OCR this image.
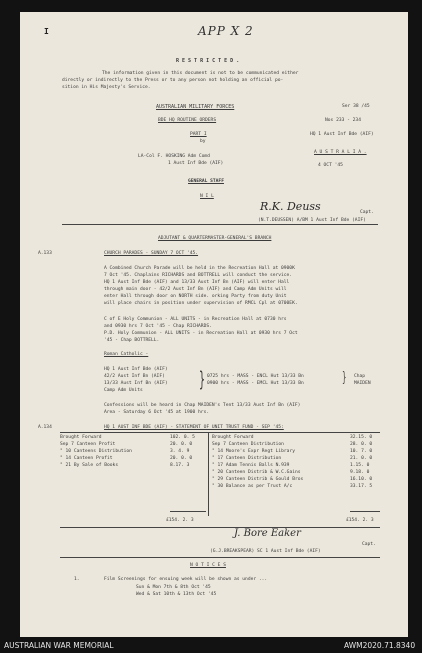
APP X 2
I
R E S T R I C T E D .
The information given in this document is not to be communicated either
directly or indirectly to the Press or to any person not holding an official po-
sition in His Majesty's Service.
AUSTRALIAN MILITARY FORCES	Ser 38 /45
BDE HQ ROUTINE ORDERS	Nos 233 - 234
PART I
by
HQ 1 Aust Inf Bde (AIF)
LA-Col F. HOSKING Adm Comd
1 Aust Inf Bde (AIF)
A U S T R A L I A .
4 OCT '45
GENERAL STAFF
N I L
R.K. Deuss	Capt.
(N.T.DEUSSEN) A/BM 1 Aust Inf Bde (AIF)
ADJUTANT & QUARTERMASTER-GENERAL'S BRANCH
A.133	CHURCH PARADES - SUNDAY 7 OCT '45.
A Combined Church Parade will be held in the Recreation Hall at 0900K
7 Oct '45. Chaplains RICHARDS and BOTTRELL will conduct the service.
HQ 1 Aust Inf Bde (AIF) and 13/33 Aust Inf Bn (AIF) will enter Hall
through main door - 42/2 Aust Inf Bn (AIF) and Camp Adm Units will
enter Hall through door on NORTH side. orking Party from duty Unit
will place chairs in position under supervision of RMCL Cpl at 0700EK.
C of E Holy Communion - ALL UNITS - in Recreation Hall at 0730 hrs
and 0930 hrs 7 Oct '45 - Chap RICHARDS.
P.D. Holy Communion - ALL UNITS - in Recreation Hall at 0930 hrs 7 Oct
'45 - Chap BOTTRELL.
Roman Catholic -
HQ 1 Aust Inf Bde (AIF)
42/2 Aust Inf Bn (AIF)
13/33 Aust Inf Bn (AIF)
Camp Adm Units	} 0725 hrs - MASS - ENCL Hut 13/33 Bn
0900 hrs - MASS - EMCL Hut 13/33 Bn	} Chap
MAIDEN
Confessions will be heard in Chap MAIDEN's Tent 13/33 Aust Inf Bn (AIF)
Area - Saturday 6 Oct '45 at 1900 hrs.
A.134	HQ 1 AUST INF BDE (AIF) - STATEMENT OF UNIT TRUST FUND - SEP '45:
Brought Forward	102. 0. 5
Sep 7 Canteen Profit	20. 0. 0
" 10 Canteens Distribution	3. 4. 9
" 14 Canteen Profit	20. 0. 0
" 21 By Sale of Books	8.17. 3
Brought Forward	32.15. 0
Sep 7 Canteen Distribution	28. 0. 0
" 14 Moore's Expr Regt Library	10. 7. 0
" 17 Canteen Distribution	21. 0. 0
" 17 Adam Tennis Balls N.939	1.15. 0
" 20 Canteen Distrib & W.C.Gains	9.18. 0
" 29 Canteen Distrib & Gould Bros	16.10. 0
" 30 Balance as per Trust A/c	33.17. 5
£154. 2. 3	£154. 2. 3
J. Bore Eaker
Capt.
(G.J.BREAKSPEAR) SC 1 Aust Inf Bde (AIF)
N O T I C E S
1.	Film Screenings for ensuing week will be shown as under ...
Sun & Mon 7th & 8th Oct '45
Wed & Sat 10th & 13th Oct '45
AUSTRALIAN WAR MEMORIAL	AWM2020.71.8340
